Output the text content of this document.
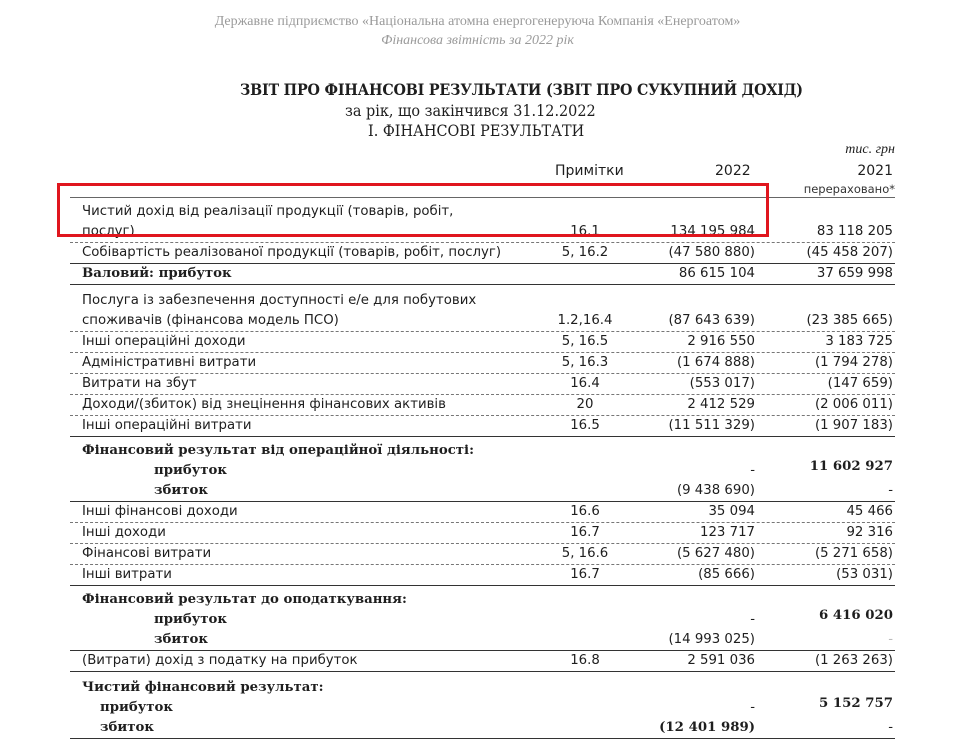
Державне підприємство «Національна атомна енергогенеруюча Компанія «Енергоатом»
Фінансова звітність за 2022 рік
ЗВІТ ПРО ФІНАНСОВІ РЕЗУЛЬТАТИ (ЗВІТ ПРО СУКУПНИЙ ДОХІД)
за рік, що закінчився 31.12.2022
І. ФІНАНСОВІ РЕЗУЛЬТАТИ
тис. грн
Примітки	2022	2021
перераховано*
Чистий дохід від реалізації продукції (товарів, робіт,
послуг)	16.1	134 195 984	83 118 205
Собівартість реалізованої продукції (товарів, робіт, послуг)	5, 16.2	(47 580 880)	(45 458 207)
Валовий: прибуток	86 615 104	37 659 998
Послуга із забезпечення доступності е/е для побутових
споживачів (фінансова модель ПСО)	1.2,16.4	(87 643 639)	(23 385 665)
Інші операційні доходи	5, 16.5	2 916 550	3 183 725
Адміністративні витрати	5, 16.3	(1 674 888)	(1 794 278)
Витрати на збут	16.4	(553 017)	(147 659)
Доходи/(збиток) від знецінення фінансових активів	20	2 412 529	(2 006 011)
Інші операційні витрати	16.5	(11 511 329)	(1 907 183)
Фінансовий результат від операційної діяльності:
прибуток	-	11 602 927
збиток	(9 438 690)	-
Інші фінансові доходи	16.6	35 094	45 466
Інші доходи	16.7	123 717	92 316
Фінансові витрати	5, 16.6	(5 627 480)	(5 271 658)
Інші витрати	16.7	(85 666)	(53 031)
Фінансовий результат до оподаткування:
прибуток	-	6 416 020
збиток	(14 993 025)	-
(Витрати) дохід з податку на прибуток	16.8	2 591 036	(1 263 263)
Чистий фінансовий результат:
прибуток	-	5 152 757
збиток	(12 401 989)	-
